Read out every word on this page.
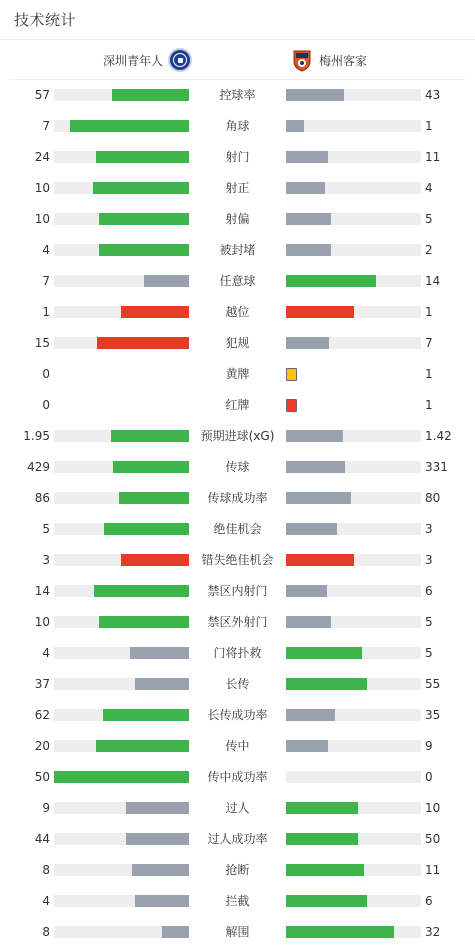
技术统计
深圳青年人	梅州客家
57	控球率	43
7	角球	1
24	射门	11
10	射正	4
10	射偏	5
4	被封堵	2
7	任意球	14
1	越位	1
15	犯规	7
0	黄牌	1
0	红牌	1
1.95	预期进球(xG)	1.42
429	传球	331
86	传球成功率	80
5	绝佳机会	3
3	错失绝佳机会	3
14	禁区内射门	6
10	禁区外射门	5
4	门将扑救	5
37	长传	55
62	长传成功率	35
20	传中	9
50	传中成功率	0
9	过人	10
44	过人成功率	50
8	抢断	11
4	拦截	6
8	解围	32
